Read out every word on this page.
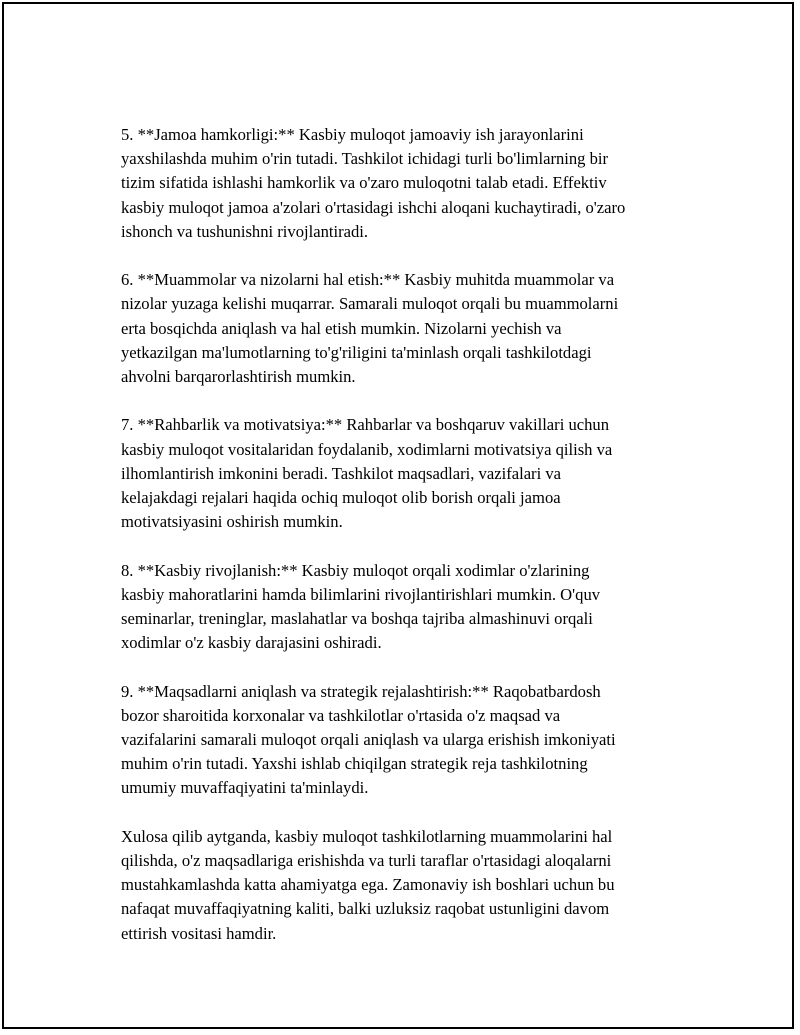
5. **Jamoa hamkorligi:** Kasbiy muloqot jamoaviy ish jarayonlarini
yaxshilashda muhim o'rin tutadi. Tashkilot ichidagi turli bo'limlarning bir
tizim sifatida ishlashi hamkorlik va o'zaro muloqotni talab etadi. Effektiv
kasbiy muloqot jamoa a'zolari o'rtasidagi ishchi aloqani kuchaytiradi, o'zaro
ishonch va tushunishni rivojlantiradi.

6. **Muammolar va nizolarni hal etish:** Kasbiy muhitda muammolar va
nizolar yuzaga kelishi muqarrar. Samarali muloqot orqali bu muammolarni
erta bosqichda aniqlash va hal etish mumkin. Nizolarni yechish va
yetkazilgan ma'lumotlarning to'g'riligini ta'minlash orqali tashkilotdagi
ahvolni barqarorlashtirish mumkin.

7. **Rahbarlik va motivatsiya:** Rahbarlar va boshqaruv vakillari uchun
kasbiy muloqot vositalaridan foydalanib, xodimlarni motivatsiya qilish va
ilhomlantirish imkonini beradi. Tashkilot maqsadlari, vazifalari va
kelajakdagi rejalari haqida ochiq muloqot olib borish orqali jamoa
motivatsiyasini oshirish mumkin.

8. **Kasbiy rivojlanish:** Kasbiy muloqot orqali xodimlar o'zlarining
kasbiy mahoratlarini hamda bilimlarini rivojlantirishlari mumkin. O'quv
seminarlar, treninglar, maslahatlar va boshqa tajriba almashinuvi orqali
xodimlar o'z kasbiy darajasini oshiradi.

9. **Maqsadlarni aniqlash va strategik rejalashtirish:** Raqobatbardosh
bozor sharoitida korxonalar va tashkilotlar o'rtasida o'z maqsad va
vazifalarini samarali muloqot orqali aniqlash va ularga erishish imkoniyati
muhim o'rin tutadi. Yaxshi ishlab chiqilgan strategik reja tashkilotning
umumiy muvaffaqiyatini ta'minlaydi.

Xulosa qilib aytganda, kasbiy muloqot tashkilotlarning muammolarini hal
qilishda, o'z maqsadlariga erishishda va turli taraflar o'rtasidagi aloqalarni
mustahkamlashda katta ahamiyatga ega. Zamonaviy ish boshlari uchun bu
nafaqat muvaffaqiyatning kaliti, balki uzluksiz raqobat ustunligini davom
ettirish vositasi hamdir.
